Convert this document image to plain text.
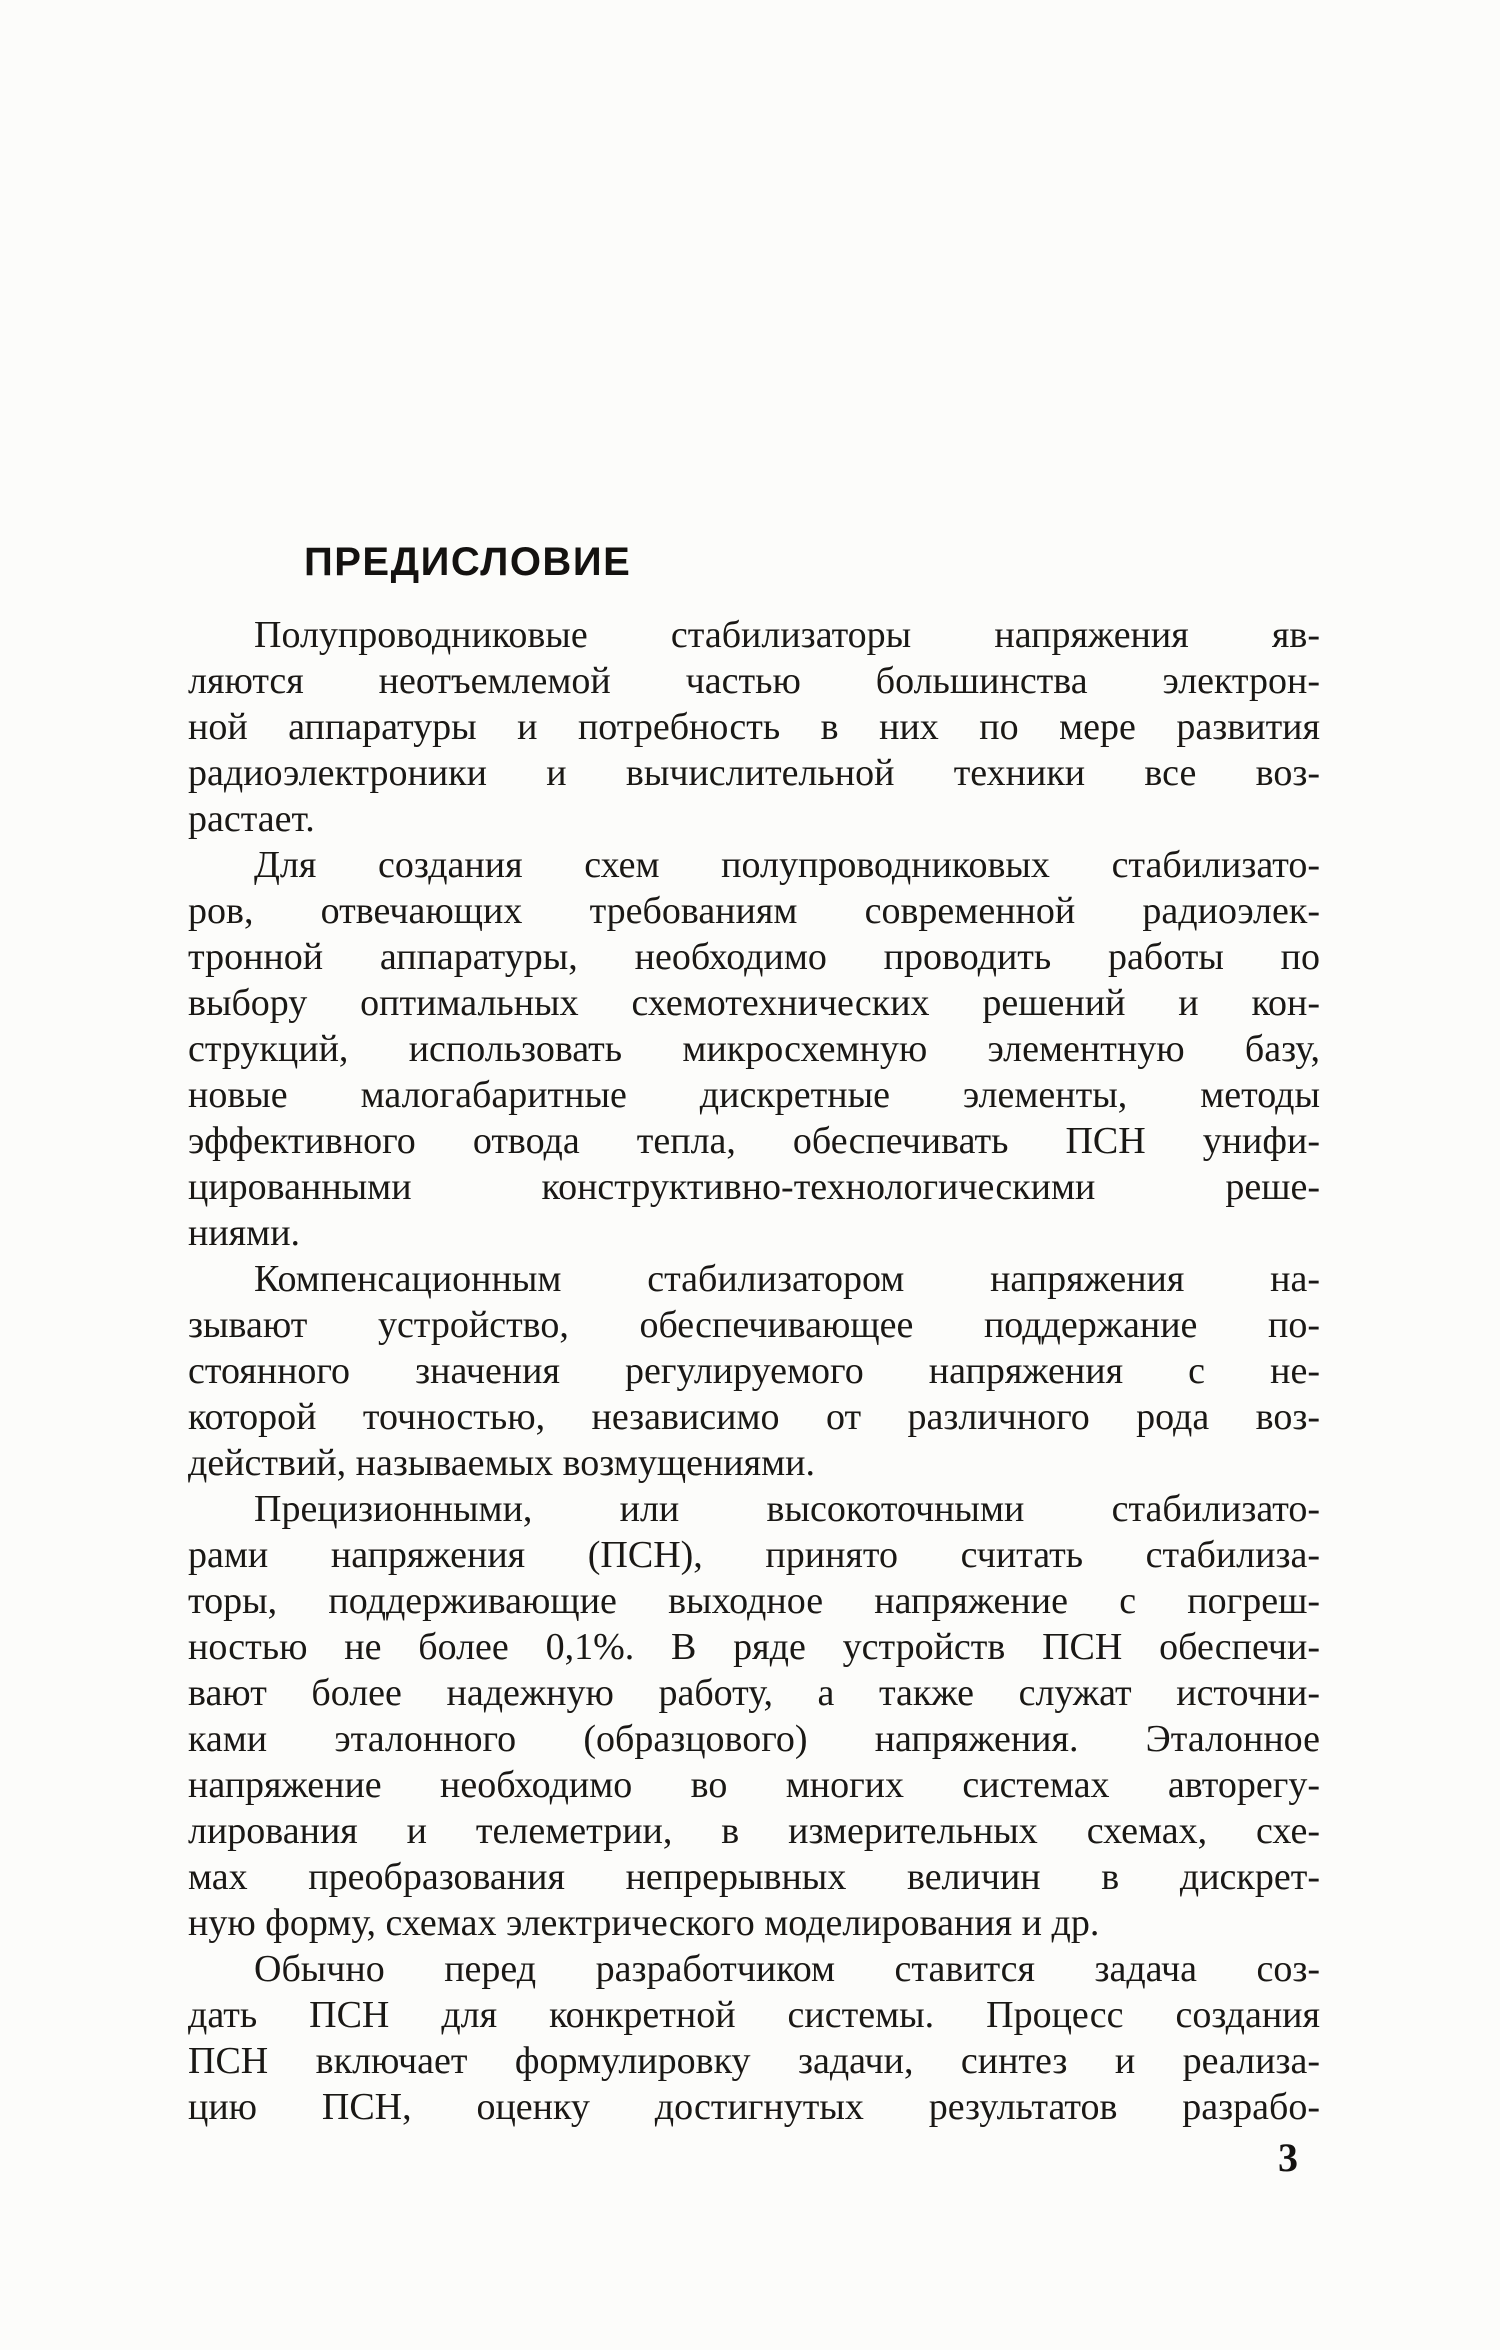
ПРЕДИСЛОВИЕ
Полупроводниковые стабилизаторы напряжения яв-
ляются неотъемлемой частью большинства электрон-
ной аппаратуры и потребность в них по мере развития
радиоэлектроники и вычислительной техники все воз-
растает.
Для создания схем полупроводниковых стабилизато-
ров, отвечающих требованиям современной радиоэлек-
тронной аппаратуры, необходимо проводить работы по
выбору оптимальных схемотехнических решений и кон-
струкций, использовать микросхемную элементную базу,
новые малогабаритные дискретные элементы, методы
эффективного отвода тепла, обеспечивать ПСН унифи-
цированными конструктивно-технологическими реше-
ниями.
Компенсационным стабилизатором напряжения на-
зывают устройство, обеспечивающее поддержание по-
стоянного значения регулируемого напряжения с не-
которой точностью, независимо от различного рода воз-
действий, называемых возмущениями.
Прецизионными, или высокоточными стабилизато-
рами напряжения (ПСН), принято считать стабилиза-
торы, поддерживающие выходное напряжение с погреш-
ностью не более 0,1%. В ряде устройств ПСН обеспечи-
вают более надежную работу, а также служат источни-
ками эталонного (образцового) напряжения. Эталонное
напряжение необходимо во многих системах авторегу-
лирования и телеметрии, в измерительных схемах, схе-
мах преобразования непрерывных величин в дискрет-
ную форму, схемах электрического моделирования и др.
Обычно перед разработчиком ставится задача соз-
дать ПСН для конкретной системы. Процесс создания
ПСН включает формулировку задачи, синтез и реализа-
цию ПСН, оценку достигнутых результатов разрабо-
3
